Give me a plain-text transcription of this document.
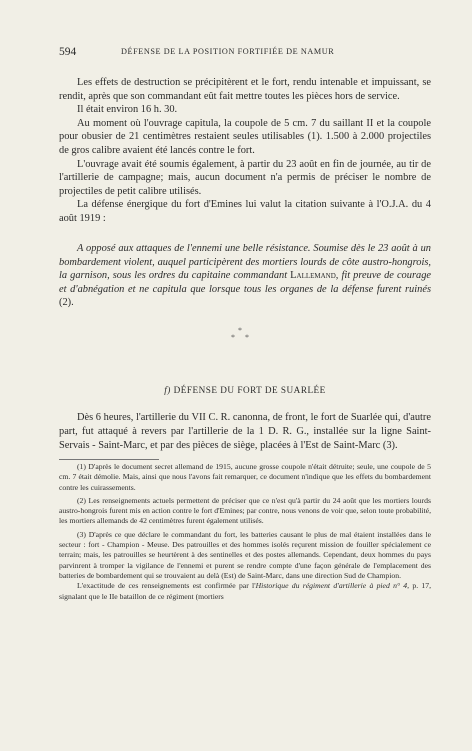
594	DÉFENSE DE LA POSITION FORTIFIÉE DE NAMUR

Les effets de destruction se précipitèrent et le fort, rendu intenable et impuissant, se rendit, après que son commandant eût fait mettre toutes les pièces hors de service.

Il était environ 16 h. 30.

Au moment où l'ouvrage capitula, la coupole de 5 cm. 7 du saillant II et la coupole pour obusier de 21 centimètres restaient seules utilisables (1). 1.500 à 2.000 projectiles de gros calibre avaient été lancés contre le fort.

L'ouvrage avait été soumis également, à partir du 23 août en fin de journée, au tir de l'artillerie de campagne; mais, aucun document n'a permis de préciser le nombre de projectiles de petit calibre utilisés.

La défense énergique du fort d'Emines lui valut la citation suivante à l'O.J.A. du 4 août 1919 :

A opposé aux attaques de l'ennemi une belle résistance. Soumise dès le 23 août à un bombardement violent, auquel participèrent des mortiers lourds de côte austro-hongrois, la garnison, sous les ordres du capitaine commandant Lallemand, fit preuve de courage et d'abnégation et ne capitula que lorsque tous les organes de la défense furent ruinés (2).

*
* *
f) DÉFENSE DU FORT DE SUARLÉE

Dès 6 heures, l'artillerie du VII C. R. canonna, de front, le fort de Suarlée qui, d'autre part, fut attaqué à revers par l'artillerie de la 1 D. R. G., installée sur la ligne Saint-Servais - Saint-Marc, et par des pièces de siège, placées à l'Est de Saint-Marc (3).

(1) D'après le document secret allemand de 1915, aucune grosse coupole n'était détruite; seule, une coupole de 5 cm. 7 était démolie. Mais, ainsi que nous l'avons fait remarquer, ce document n'indique que les effets du bombardement contre les cuirassements.

(2) Les renseignements actuels permettent de préciser que ce n'est qu'à partir du 24 août que les mortiers lourds austro-hongrois furent mis en action contre le fort d'Emines; par contre, nous venons de voir que, selon toute probabilité, les mortiers allemands de 42 centimètres furent également utilisés.

(3) D'après ce que déclare le commandant du fort, les batteries causant le plus de mal étaient installées dans le secteur : fort - Champion - Meuse. Des patrouilles et des hommes isolés reçurent mission de fouiller spécialement ce terrain; mais, les patrouilles se heurtèrent à des sentinelles et des postes allemands. Cependant, deux hommes du pays parvinrent à tromper la vigilance de l'ennemi et purent se rendre compte d'une façon générale de l'emplacement des batteries de bombardement qui se trouvaient au delà (Est) de Saint-Marc, dans une direction Sud de Champion.

L'exactitude de ces renseignements est confirmée par l'Historique du régiment d'artillerie à pied n° 4, p. 17, signalant que le IIe bataillon de ce régiment (mortiers
